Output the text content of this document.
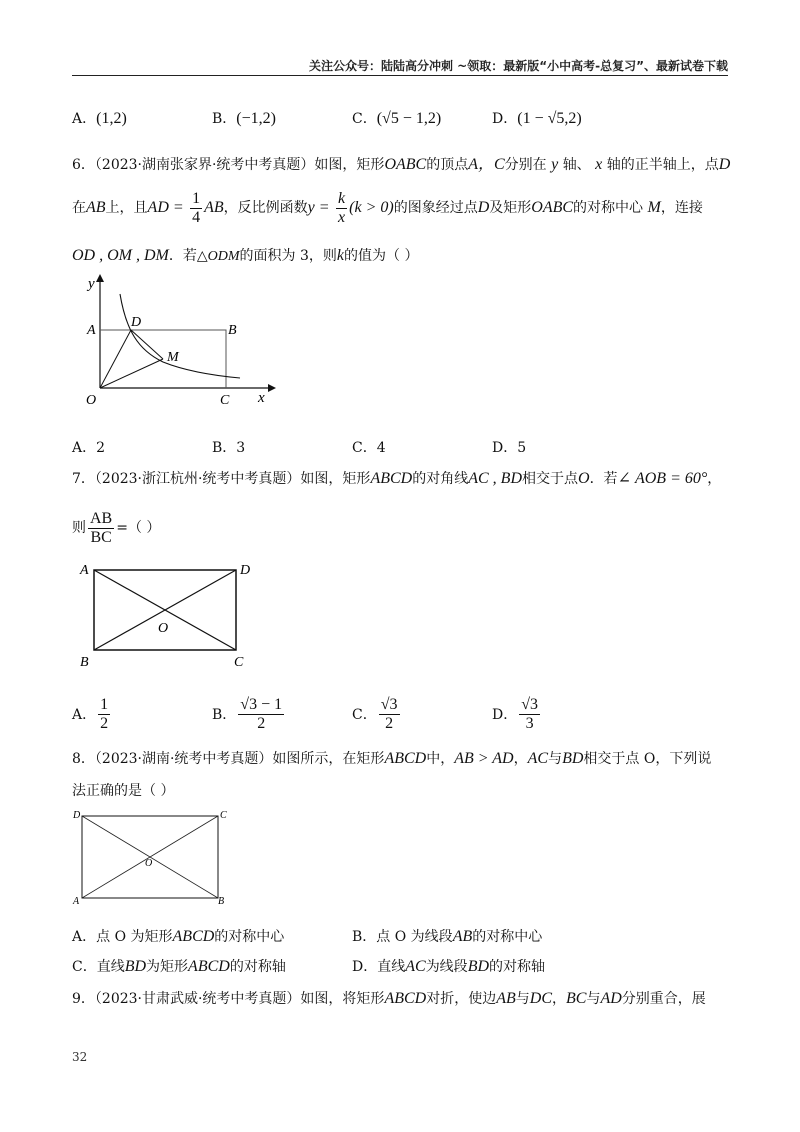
关注公众号：陆陆高分冲刺 ~领取：最新版“小中高考-总复习”、最新试卷下载
A．(1,2)	B．(−1,2)	C．(√5 − 1,2)	D．(1 − √5,2)
6．（2023·湖南张家界·统考中考真题）如图，矩形OABC的顶点A，C分别在 y 轴、 x 轴的正半轴上，点D
在AB上，且AD = $\frac{1}{4}$ AB，反比例函数$y = \frac{k}{x} (k > 0)$的图象经过点D及矩形OABC的对称中心 M，连接
OD , OM , DM．若△ODM的面积为 3，则k的值为（ ）
y
x
A	B
C
D
M
O
A．2	B．3	C．4	D．5
7．（2023·浙江杭州·统考中考真题）如图，矩形ABCD的对角线AC , BD相交于点O．若∠ AOB = 60°，
则 $\frac{AB}{BC}$ =（ ）
A	D
B	C
O
A． $\frac{1}{2}$	B． $\frac{√3 - 1}{2}$	C． $\frac{√3}{2}$	D． $\frac{√3}{3}$
8．（2023·湖南·统考中考真题）如图所示，在矩形ABCD中，AB > AD，AC与BD相交于点 O，下列说
法正确的是（ ）
D	C
A	B
O
A．点 O 为矩形ABCD的对称中心	B．点 O 为线段AB的对称中心
C．直线BD为矩形ABCD的对称轴	D．直线AC为线段BD的对称轴
9．（2023·甘肃武威·统考中考真题）如图，将矩形ABCD对折，使边AB与DC，BC与AD分别重合，展
32
